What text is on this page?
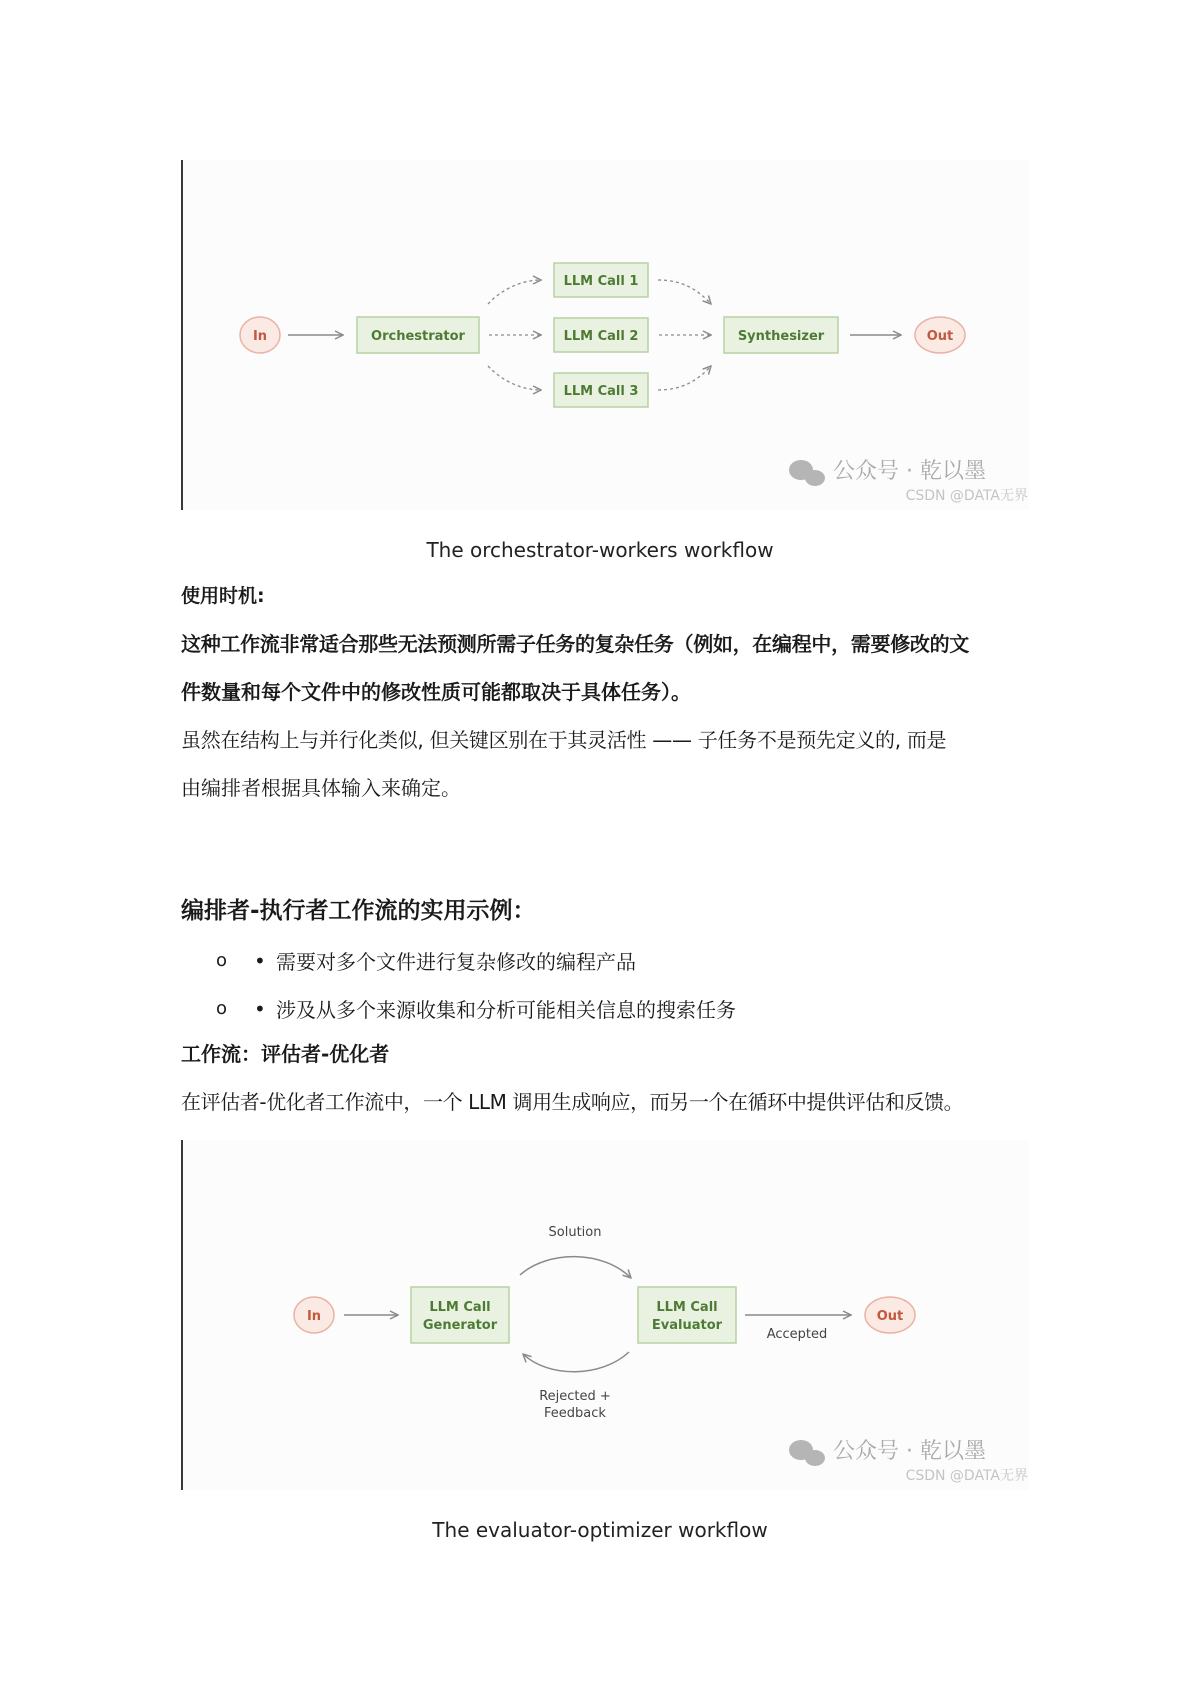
In	Orchestrator
LLM Call 1
LLM Call 2
LLM Call 3
Synthesizer	Out
公众号 · 乾以墨
CSDN @DATA无界
The orchestrator-workers workflow
使用时机:
这种工作流非常适合那些无法预测所需子任务的复杂任务（例如，在编程中，需要修改的文
件数量和每个文件中的修改性质可能都取决于具体任务）。
虽然在结构上与并行化类似, 但关键区别在于其灵活性 —— 子任务不是预先定义的, 而是
由编排者根据具体输入来确定。
编排者-执行者工作流的实用示例：
o	• 需要对多个文件进行复杂修改的编程产品
o	• 涉及从多个来源收集和分析可能相关信息的搜索任务
工作流：评估者-优化者
在评估者-优化者工作流中，一个 LLM 调用生成响应，而另一个在循环中提供评估和反馈。
In
LLM Call
Generator
Solution
Rejected +
Feedback
LLM Call
Evaluator
Accepted
Out
公众号 · 乾以墨
CSDN @DATA无界
The evaluator-optimizer workflow
